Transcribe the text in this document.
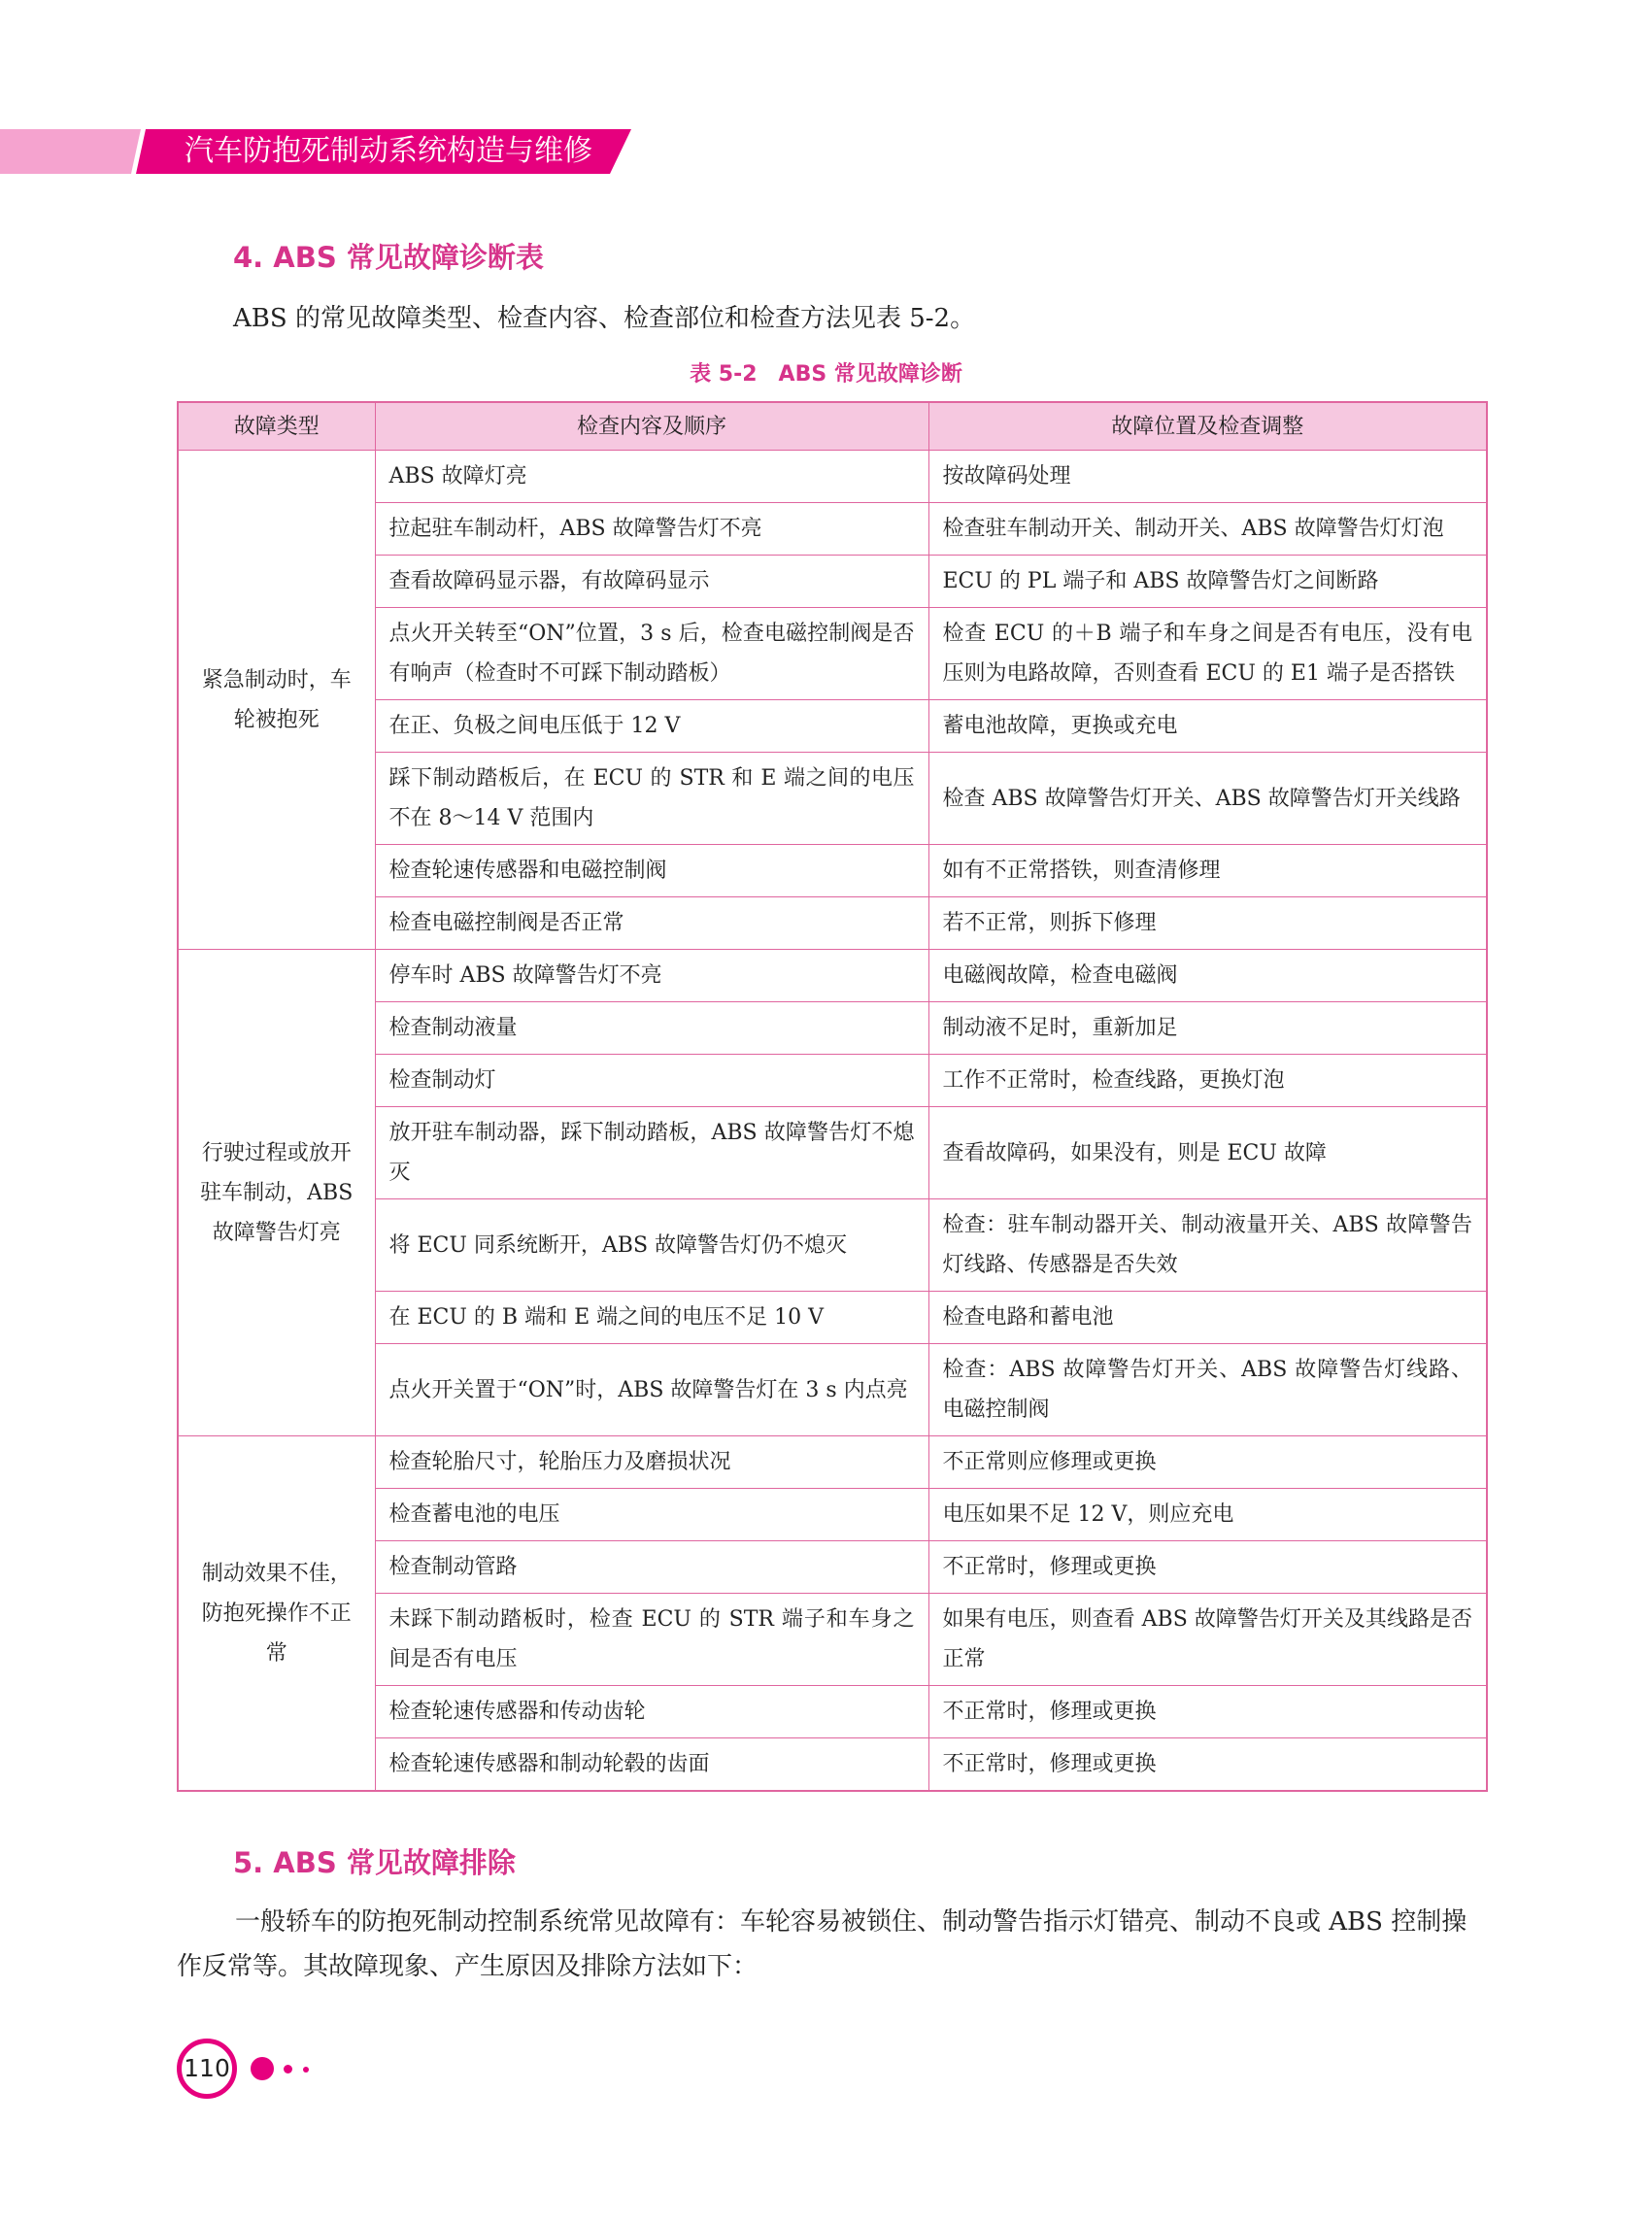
汽车防抱死制动系统构造与维修
4. ABS 常见故障诊断表
ABS 的常见故障类型、检查内容、检查部位和检查方法见表 5-2。
表 5-2　ABS 常见故障诊断
故障类型	检查内容及顺序	故障位置及检查调整
紧急制动时，车轮被抱死	ABS 故障灯亮	按故障码处理
	拉起驻车制动杆，ABS 故障警告灯不亮	检查驻车制动开关、制动开关、ABS 故障警告灯灯泡
	查看故障码显示器，有故障码显示	ECU 的 PL 端子和 ABS 故障警告灯之间断路
	点火开关转至“ON”位置，3 s 后，检查电磁控制阀是否有响声（检查时不可踩下制动踏板）	检查 ECU 的＋B 端子和车身之间是否有电压，没有电压则为电路故障，否则查看 ECU 的 E1 端子是否搭铁
	在正、负极之间电压低于 12 V	蓄电池故障，更换或充电
	踩下制动踏板后，在 ECU 的 STR 和 E 端之间的电压不在 8～14 V 范围内	检查 ABS 故障警告灯开关、ABS 故障警告灯开关线路
	检查轮速传感器和电磁控制阀	如有不正常搭铁，则查清修理
	检查电磁控制阀是否正常	若不正常，则拆下修理
行驶过程或放开驻车制动，ABS 故障警告灯亮	停车时 ABS 故障警告灯不亮	电磁阀故障，检查电磁阀
	检查制动液量	制动液不足时，重新加足
	检查制动灯	工作不正常时，检查线路，更换灯泡
	放开驻车制动器，踩下制动踏板，ABS 故障警告灯不熄灭	查看故障码，如果没有，则是 ECU 故障
	将 ECU 同系统断开，ABS 故障警告灯仍不熄灭	检查：驻车制动器开关、制动液量开关、ABS 故障警告灯线路、传感器是否失效
	在 ECU 的 B 端和 E 端之间的电压不足 10 V	检查电路和蓄电池
	点火开关置于“ON”时，ABS 故障警告灯在 3 s 内点亮	检查：ABS 故障警告灯开关、ABS 故障警告灯线路、电磁控制阀
制动效果不佳，防抱死操作不正常	检查轮胎尺寸，轮胎压力及磨损状况	不正常则应修理或更换
	检查蓄电池的电压	电压如果不足 12 V，则应充电
	检查制动管路	不正常时，修理或更换
	未踩下制动踏板时，检查 ECU 的 STR 端子和车身之间是否有电压	如果有电压，则查看 ABS 故障警告灯开关及其线路是否正常
	检查轮速传感器和传动齿轮	不正常时，修理或更换
	检查轮速传感器和制动轮毂的齿面	不正常时，修理或更换
5. ABS 常见故障排除
一般轿车的防抱死制动控制系统常见故障有：车轮容易被锁住、制动警告指示灯错亮、制动不良或 ABS 控制操作反常等。其故障现象、产生原因及排除方法如下：
110
